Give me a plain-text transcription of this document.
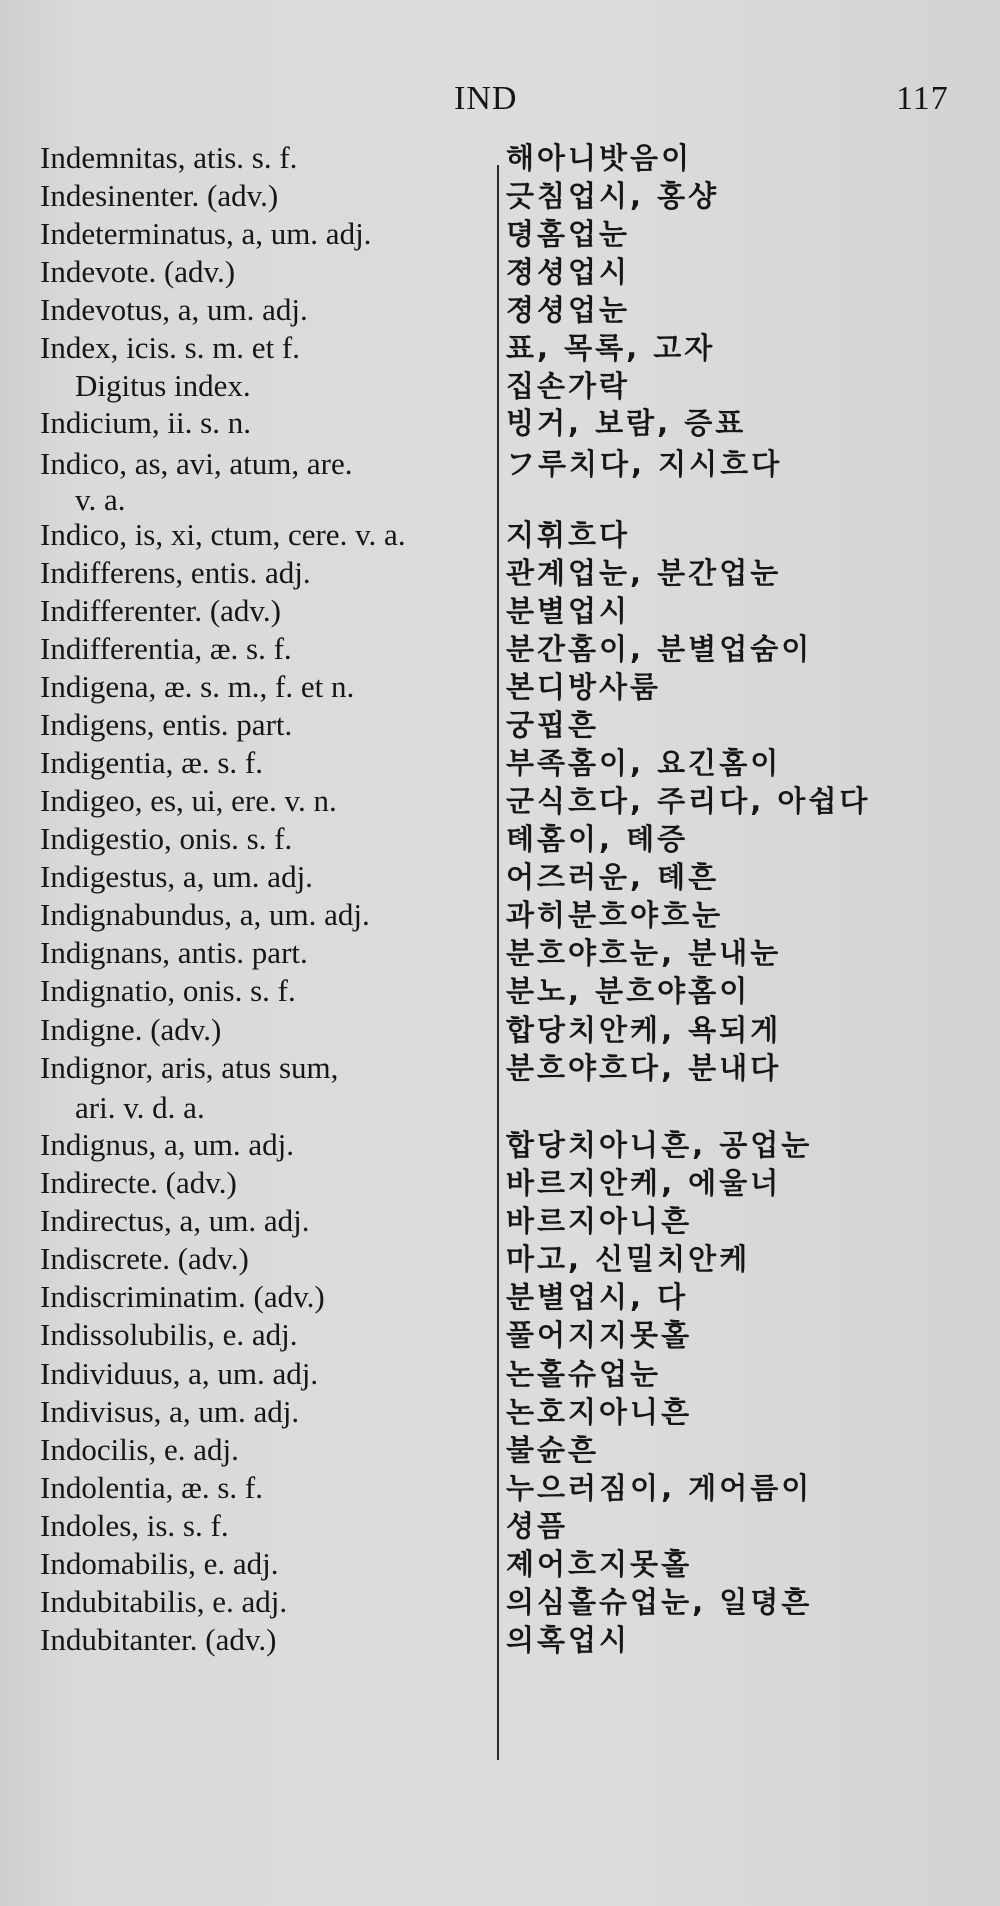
IND	117
Indemnitas, atis. s. f.	해아니밧음이
Indesinenter. (adv.)	긋침업시, 홍샹
Indeterminatus, a, um. adj.	뎡홈업눈
Indevote. (adv.)	졍셩업시
Indevotus, a, um. adj.	졍셩업눈
Index, icis. s. m. et f.	표, 목록, 고자
Digitus index.	집손가락
Indicium, ii. s. n.	빙거, 보람, 증표
Indico, as, avi, atum, are.	フ루치다, 지시흐다
v. a.
Indico, is, xi, ctum, cere. v. a.	지휘흐다
Indifferens, entis. adj.	관계업눈, 분간업눈
Indifferenter. (adv.)	분별업시
Indifferentia, æ. s. f.	분간홈이, 분별업숨이
Indigena, æ. s. m., f. et n.	본디방사룸
Indigens, entis. part.	궁핍흔
Indigentia, æ. s. f.	부족홈이, 요긴홈이
Indigeo, es, ui, ere. v. n.	군식흐다, 주리다, 아쉽다
Indigestio, onis. s. f.	톄홈이, 톄증
Indigestus, a, um. adj.	어즈러운, 톄흔
Indignabundus, a, um. adj.	과히분흐야흐눈
Indignans, antis. part.	분흐야흐눈, 분내눈
Indignatio, onis. s. f.	분노, 분흐야홈이
Indigne. (adv.)	합당치안케, 욕되게
Indignor, aris, atus sum,	분흐야흐다, 분내다
ari. v. d. a.
Indignus, a, um. adj.	합당치아니흔, 공업눈
Indirecte. (adv.)	바르지안케, 에울너
Indirectus, a, um. adj.	바르지아니흔
Indiscrete. (adv.)	마고, 신밀치안케
Indiscriminatim. (adv.)	분별업시, 다
Indissolubilis, e. adj.	풀어지지못홀
Individuus, a, um. adj.	논홀슈업눈
Indivisus, a, um. adj.	논호지아니흔
Indocilis, e. adj.	불슌흔
Indolentia, æ. s. f.	누으러짐이, 게어름이
Indoles, is. s. f.	셩픔
Indomabilis, e. adj.	졔어흐지못홀
Indubitabilis, e. adj.	의심홀슈업눈, 일뎡흔
Indubitanter. (adv.)	의혹업시
